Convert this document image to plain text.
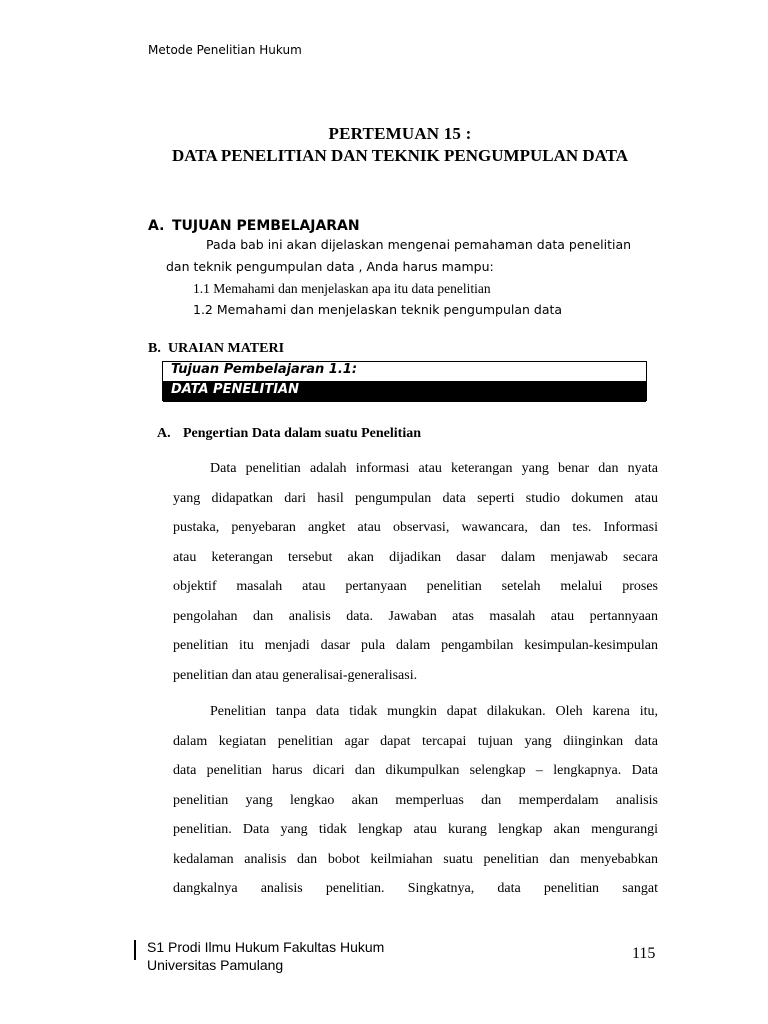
Metode Penelitian Hukum
PERTEMUAN 15 :
DATA PENELITIAN DAN TEKNIK PENGUMPULAN DATA
A. TUJUAN PEMBELAJARAN
Pada bab ini akan dijelaskan mengenai pemahaman data penelitian
dan teknik pengumpulan data , Anda harus mampu:
1.1 Memahami dan menjelaskan apa itu data penelitian
1.2 Memahami dan menjelaskan teknik pengumpulan data
B. URAIAN MATERI
Tujuan Pembelajaran 1.1:
DATA PENELITIAN
A. Pengertian Data dalam suatu Penelitian
Data penelitian adalah informasi atau keterangan yang benar dan nyata
yang didapatkan dari hasil pengumpulan data seperti studio dokumen atau
pustaka, penyebaran angket atau observasi, wawancara, dan tes. Informasi
atau keterangan tersebut akan dijadikan dasar dalam menjawab secara
objektif masalah atau pertanyaan penelitian setelah melalui proses
pengolahan dan analisis data. Jawaban atas masalah atau pertannyaan
penelitian itu menjadi dasar pula dalam pengambilan kesimpulan-kesimpulan
penelitian dan atau generalisai-generalisasi.
Penelitian tanpa data tidak mungkin dapat dilakukan. Oleh karena itu,
dalam kegiatan penelitian agar dapat tercapai tujuan yang diinginkan data
data penelitian harus dicari dan dikumpulkan selengkap – lengkapnya. Data
penelitian yang lengkao akan memperluas dan memperdalam analisis
penelitian. Data yang tidak lengkap atau kurang lengkap akan mengurangi
kedalaman analisis dan bobot keilmiahan suatu penelitian dan menyebabkan
dangkalnya analisis penelitian. Singkatnya, data penelitian sangat
S1 Prodi Ilmu Hukum Fakultas Hukum
Universitas Pamulang
115
